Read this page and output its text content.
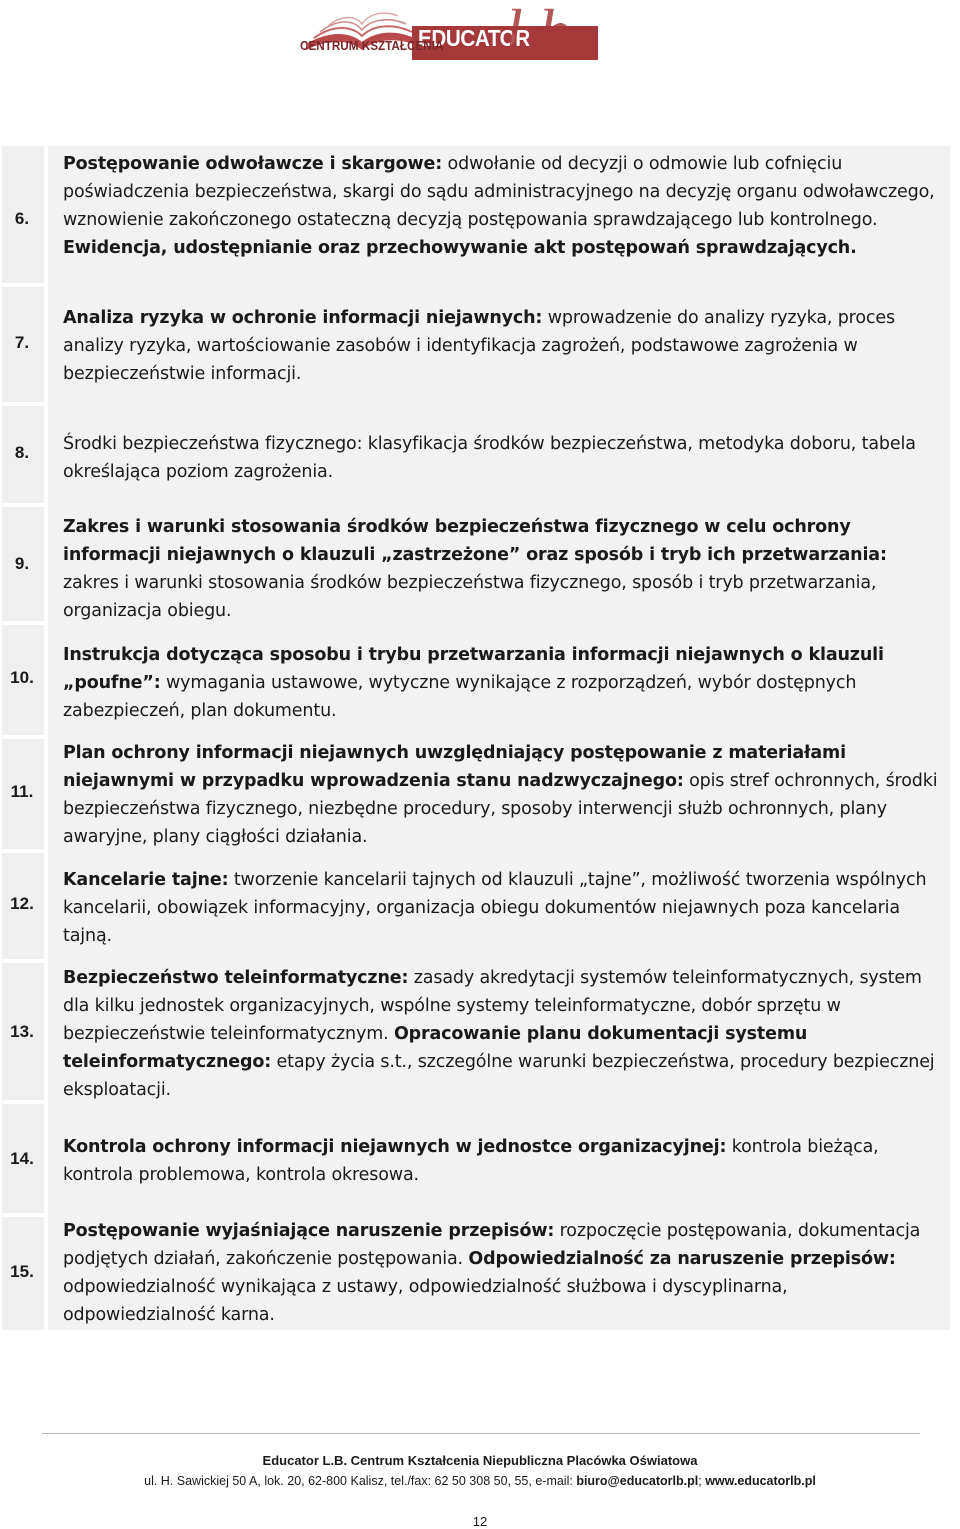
EDUCATOR
CENTRUM KSZTAŁCENIA l.b.
6.
7.
8.
9.
10.
11.
12.
13.
14.
15.
Postępowanie odwoławcze i skargowe: odwołanie od decyzji o odmowie lub cofnięciu poświadczenia bezpieczeństwa, skargi do sądu administracyjnego na decyzję organu odwoławczego, wznowienie zakończonego ostateczną decyzją postępowania sprawdzającego lub kontrolnego. Ewidencja, udostępnianie oraz przechowywanie akt postępowań sprawdzających.
Analiza ryzyka w ochronie informacji niejawnych: wprowadzenie do analizy ryzyka, proces analizy ryzyka, wartościowanie zasobów i identyfikacja zagrożeń, podstawowe zagrożenia w bezpieczeństwie informacji.
Środki bezpieczeństwa fizycznego: klasyfikacja środków bezpieczeństwa, metodyka doboru, tabela określająca poziom zagrożenia.
Zakres i warunki stosowania środków bezpieczeństwa fizycznego w celu ochrony informacji niejawnych o klauzuli „zastrzeżone” oraz sposób i tryb ich przetwarzania: zakres i warunki stosowania środków bezpieczeństwa fizycznego, sposób i tryb przetwarzania, organizacja obiegu.
Instrukcja dotycząca sposobu i trybu przetwarzania informacji niejawnych o klauzuli „poufne”: wymagania ustawowe, wytyczne wynikające z rozporządzeń, wybór dostępnych zabezpieczeń, plan dokumentu.
Plan ochrony informacji niejawnych uwzględniający postępowanie z materiałami niejawnymi w przypadku wprowadzenia stanu nadzwyczajnego: opis stref ochronnych, środki bezpieczeństwa fizycznego, niezbędne procedury, sposoby interwencji służb ochronnych, plany awaryjne, plany ciągłości działania.
Kancelarie tajne: tworzenie kancelarii tajnych od klauzuli „tajne”, możliwość tworzenia wspólnych kancelarii, obowiązek informacyjny, organizacja obiegu dokumentów niejawnych poza kancelaria tajną.
Bezpieczeństwo teleinformatyczne: zasady akredytacji systemów teleinformatycznych, system dla kilku jednostek organizacyjnych, wspólne systemy teleinformatyczne, dobór sprzętu w bezpieczeństwie teleinformatycznym. Opracowanie planu dokumentacji systemu teleinformatycznego: etapy życia s.t., szczególne warunki bezpieczeństwa, procedury bezpiecznej eksploatacji.
Kontrola ochrony informacji niejawnych w jednostce organizacyjnej: kontrola bieżąca, kontrola problemowa, kontrola okresowa.
Postępowanie wyjaśniające naruszenie przepisów: rozpoczęcie postępowania, dokumentacja podjętych działań, zakończenie postępowania. Odpowiedzialność za naruszenie przepisów: odpowiedzialność wynikająca z ustawy, odpowiedzialność służbowa i dyscyplinarna, odpowiedzialność karna.
Educator L.B. Centrum Kształcenia Niepubliczna Placówka Oświatowa
ul. H. Sawickiej 50 A, lok. 20, 62-800 Kalisz, tel./fax: 62 50 308 50, 55, e-mail: biuro@educatorlb.pl; www.educatorlb.pl
12
